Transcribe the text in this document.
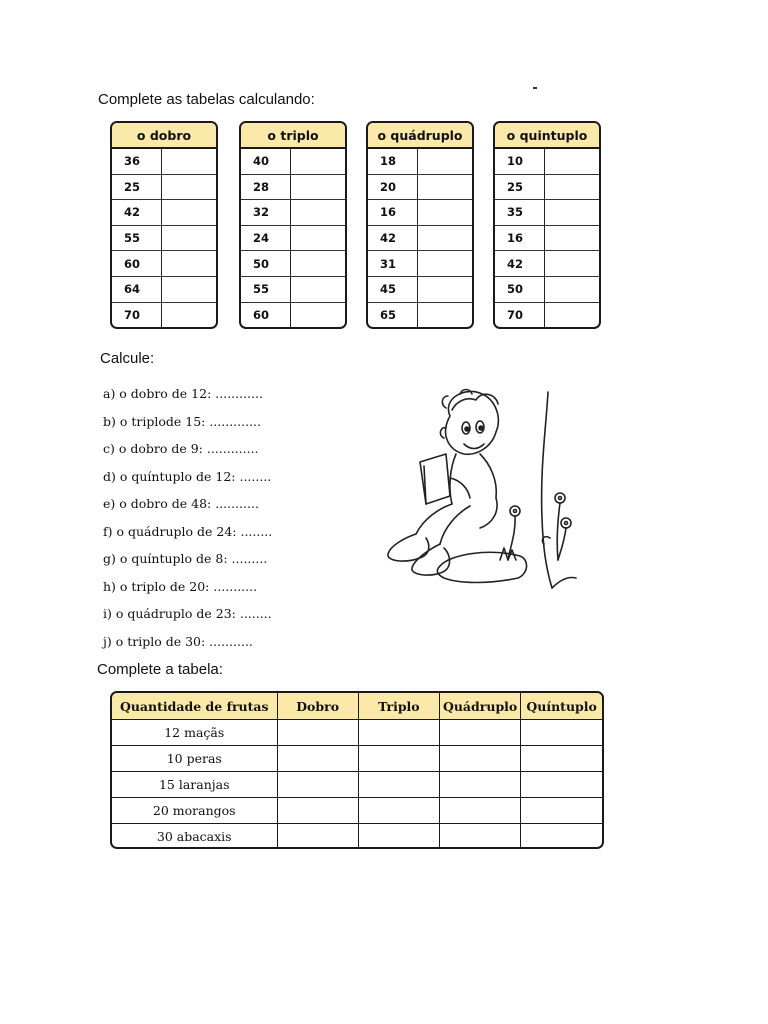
Complete as tabelas calculando:
o dobro
36
25
42
55
60
64
70
o triplo
40
28
32
24
50
55
60
o quádruplo
18
20
16
42
31
45
65
o quintuplo
10
25
35
16
42
50
70
Calcule:
a) o dobro de 12: ............
b) o triplode 15: .............
c) o dobro de 9: .............
d) o quíntuplo de 12: ........
e) o dobro de 48: ...........
f) o quádruplo de 24: ........
g) o quíntuplo de 8: .........
h) o triplo de 20: ...........
i) o quádruplo de 23: ........
j) o triplo de 30: ...........
Complete a tabela:
Quantidade de frutas	Dobro	Triplo	Quádruplo	Quíntuplo
12 maçãs				
10 peras				
15 laranjas				
20 morangos				
30 abacaxis				
